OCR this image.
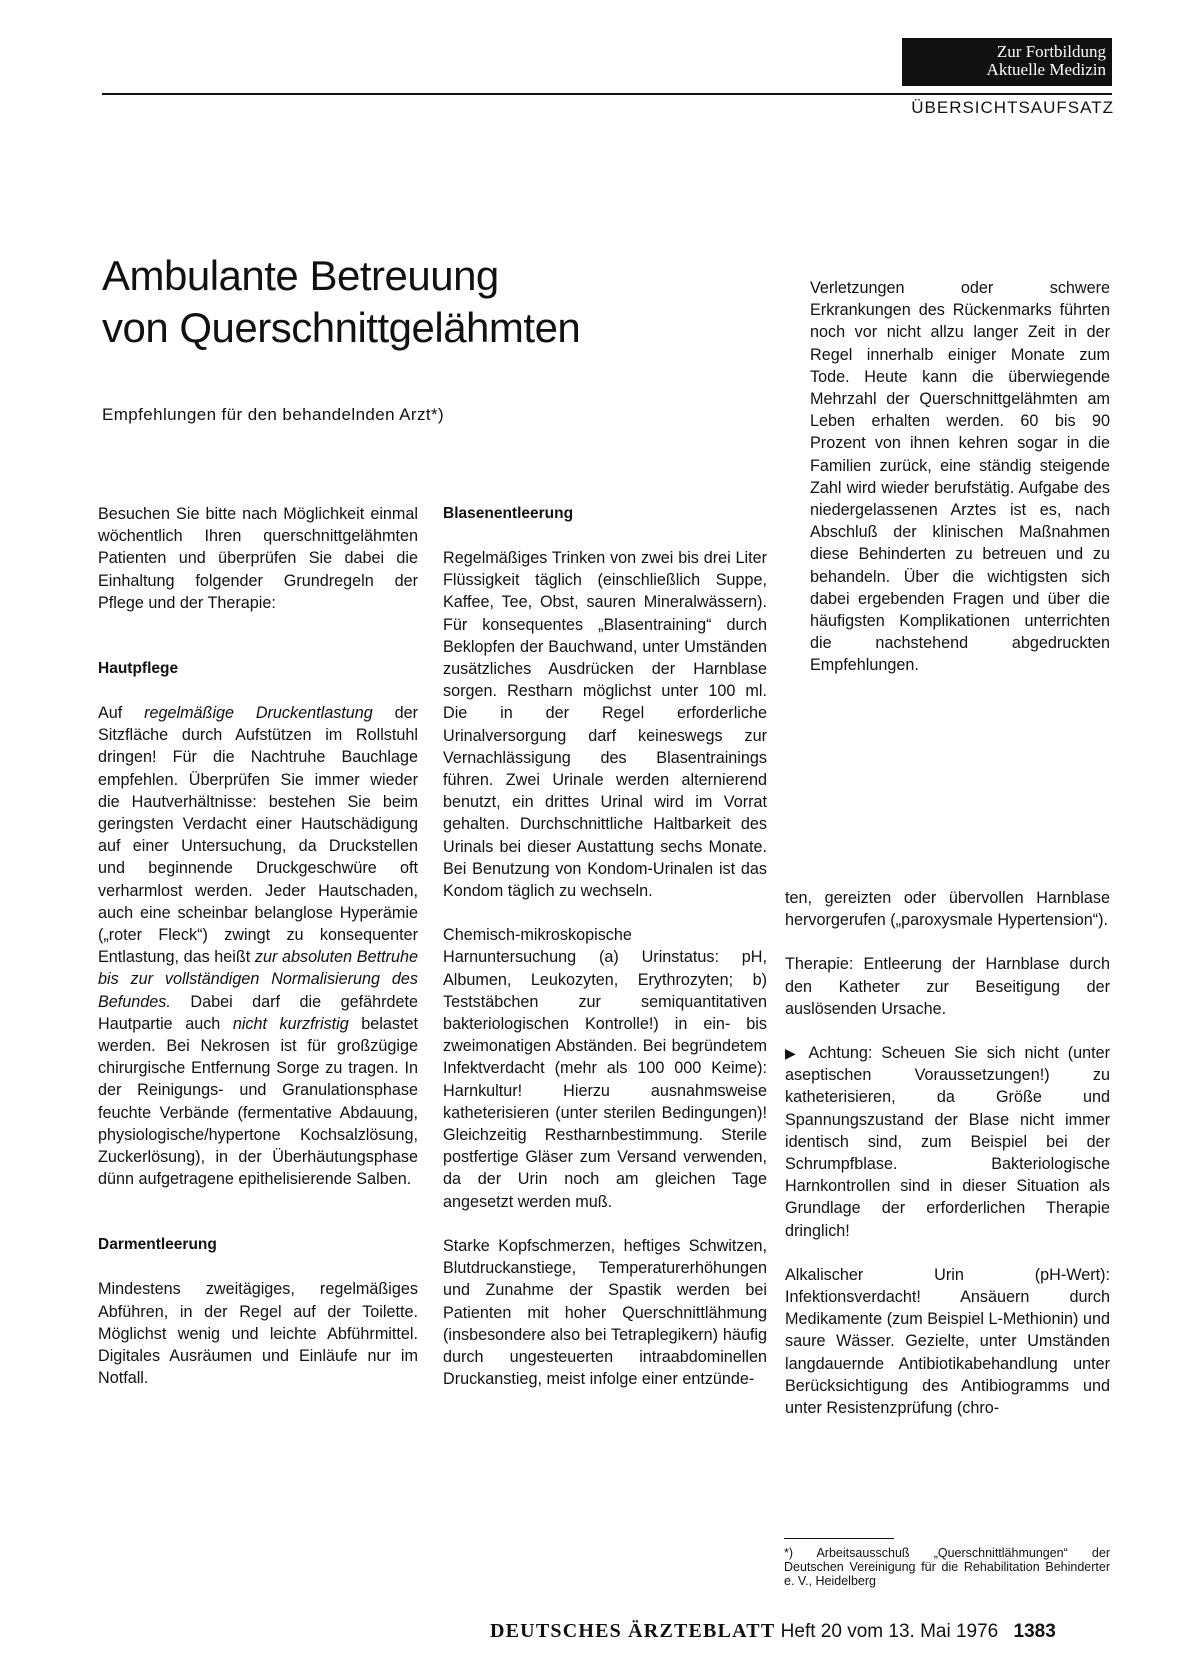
Zur Fortbildung
Aktuelle Medizin
ÜBERSICHTSAUFSATZ
Ambulante Betreuung
von Querschnittgelähmten
Empfehlungen für den behandelnden Arzt*)

Besuchen Sie bitte nach Möglichkeit einmal wöchentlich Ihren querschnittgelähmten Patienten und überprüfen Sie dabei die Einhaltung folgender Grundregeln der Pflege und der Therapie:

Hautpflege

Auf regelmäßige Druckentlastung der Sitzfläche durch Aufstützen im Rollstuhl dringen! Für die Nachtruhe Bauchlage empfehlen. Überprüfen Sie immer wieder die Hautverhältnisse: bestehen Sie beim geringsten Verdacht einer Hautschädigung auf einer Untersuchung, da Druckstellen und beginnende Druckgeschwüre oft verharmlost werden. Jeder Hautschaden, auch eine scheinbar belanglose Hyperämie („roter Fleck“) zwingt zu konsequenter Entlastung, das heißt zur absoluten Bettruhe bis zur vollständigen Normalisierung des Befundes. Dabei darf die gefährdete Hautpartie auch nicht kurzfristig belastet werden. Bei Nekrosen ist für großzügige chirurgische Entfernung Sorge zu tragen. In der Reinigungs- und Granulationsphase feuchte Verbände (fermentative Abdauung, physiologische/hypertone Kochsalzlösung, Zuckerlösung), in der Überhäutungsphase dünn aufgetragene epithelisierende Salben.

Darmentleerung

Mindestens zweitägiges, regelmäßiges Abführen, in der Regel auf der Toilette. Möglichst wenig und leichte Abführmittel. Digitales Ausräumen und Einläufe nur im Notfall.

Blasenentleerung

Regelmäßiges Trinken von zwei bis drei Liter Flüssigkeit täglich (einschließlich Suppe, Kaffee, Tee, Obst, sauren Mineralwässern). Für konsequentes „Blasentraining“ durch Beklopfen der Bauchwand, unter Umständen zusätzliches Ausdrücken der Harnblase sorgen. Restharn möglichst unter 100 ml. Die in der Regel erforderliche Urinalversorgung darf keineswegs zur Vernachlässigung des Blasentrainings führen. Zwei Urinale werden alternierend benutzt, ein drittes Urinal wird im Vorrat gehalten. Durchschnittliche Haltbarkeit des Urinals bei dieser Austattung sechs Monate. Bei Benutzung von Kondom-Urinalen ist das Kondom täglich zu wechseln.

Chemisch-mikroskopische Harnuntersuchung (a) Urinstatus: pH, Albumen, Leukozyten, Erythrozyten; b) Teststäbchen zur semiquantitativen bakteriologischen Kontrolle!) in ein- bis zweimonatigen Abständen. Bei begründetem Infektverdacht (mehr als 100 000 Keime): Harnkultur! Hierzu ausnahmsweise katheterisieren (unter sterilen Bedingungen)! Gleichzeitig Restharnbestimmung. Sterile postfertige Gläser zum Versand verwenden, da der Urin noch am gleichen Tage angesetzt werden muß.

Starke Kopfschmerzen, heftiges Schwitzen, Blutdruckanstiege, Temperaturerhöhungen und Zunahme der Spastik werden bei Patienten mit hoher Querschnittlähmung (insbesondere also bei Tetraplegikern) häufig durch ungesteuerten intraabdominellen Druckanstieg, meist infolge einer entzünde-

Verletzungen oder schwere Erkrankungen des Rückenmarks führten noch vor nicht allzu langer Zeit in der Regel innerhalb einiger Monate zum Tode. Heute kann die überwiegende Mehrzahl der Querschnittgelähmten am Leben erhalten werden. 60 bis 90 Prozent von ihnen kehren sogar in die Familien zurück, eine ständig steigende Zahl wird wieder berufstätig. Aufgabe des niedergelassenen Arztes ist es, nach Abschluß der klinischen Maßnahmen diese Behinderten zu betreuen und zu behandeln. Über die wichtigsten sich dabei ergebenden Fragen und über die häufigsten Komplikationen unterrichten die nachstehend abgedruckten Empfehlungen.

ten, gereizten oder übervollen Harnblase hervorgerufen („paroxysmale Hypertension“).

Therapie: Entleerung der Harnblase durch den Katheter zur Beseitigung der auslösenden Ursache.

▶ Achtung: Scheuen Sie sich nicht (unter aseptischen Voraussetzungen!) zu katheterisieren, da Größe und Spannungszustand der Blase nicht immer identisch sind, zum Beispiel bei der Schrumpfblase. Bakteriologische Harnkontrollen sind in dieser Situation als Grundlage der erforderlichen Therapie dringlich!

Alkalischer Urin (pH-Wert): Infektionsverdacht! Ansäuern durch Medikamente (zum Beispiel L-Methionin) und saure Wässer. Gezielte, unter Umständen langdauernde Antibiotikabehandlung unter Berücksichtigung des Antibiogramms und unter Resistenzprüfung (chro-

*) Arbeitsausschuß „Querschnittlähmungen“ der Deutschen Vereinigung für die Rehabilitation Behinderter e. V., Heidelberg
DEUTSCHES ÄRZTEBLATT Heft 20 vom 13. Mai 1976 1383
